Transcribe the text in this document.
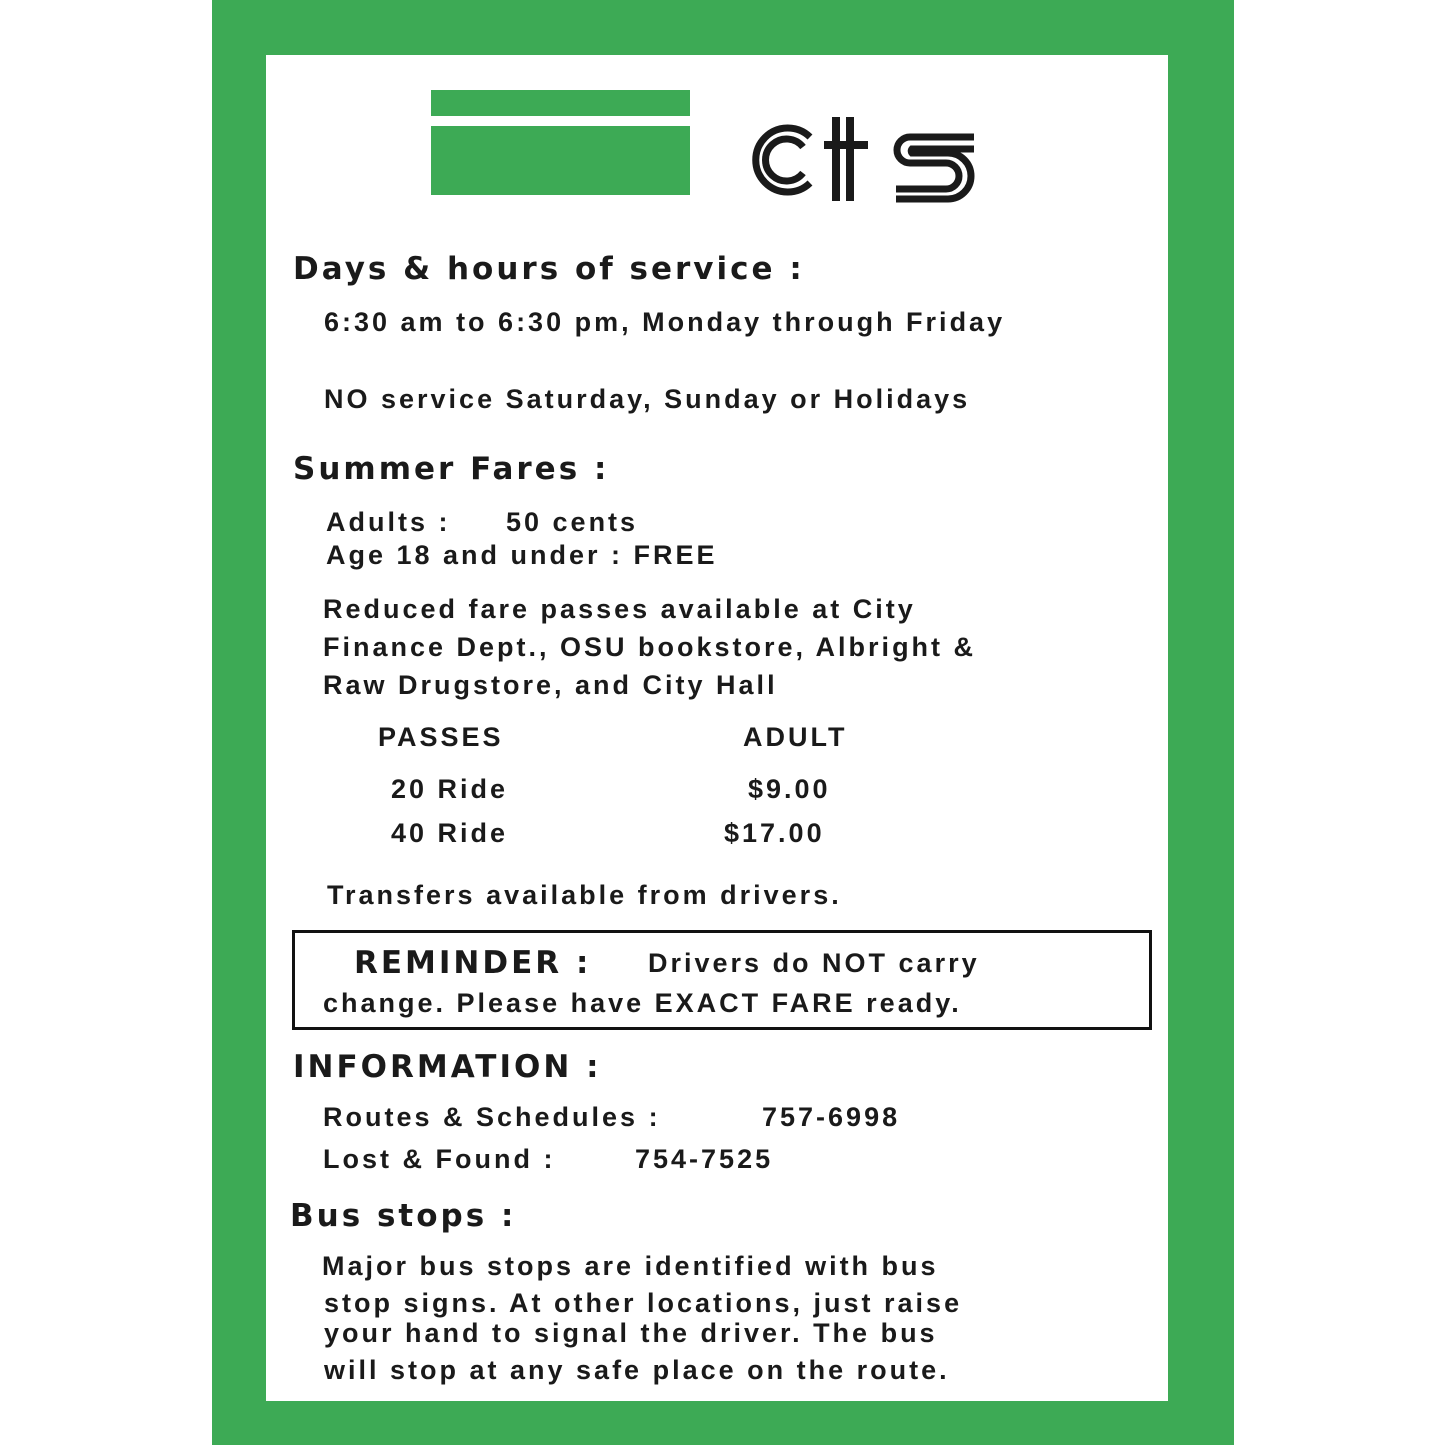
Days & hours of service :
6:30 am to 6:30 pm, Monday through Friday
NO service Saturday, Sunday or Holidays
Summer Fares :
Adults : 50 cents
Age 18 and under : FREE
Reduced fare passes available at City
Finance Dept., OSU bookstore, Albright &
Raw Drugstore, and City Hall
PASSES	ADULT
20 Ride	$9.00
40 Ride	$17.00
Transfers available from drivers.
REMINDER : Drivers do NOT carry
change. Please have EXACT FARE ready.
INFORMATION :
Routes & Schedules :	757-6998
Lost & Found :	754-7525
Bus stops :
Major bus stops are identified with bus
stop signs. At other locations, just raise
your hand to signal the driver. The bus
will stop at any safe place on the route.
